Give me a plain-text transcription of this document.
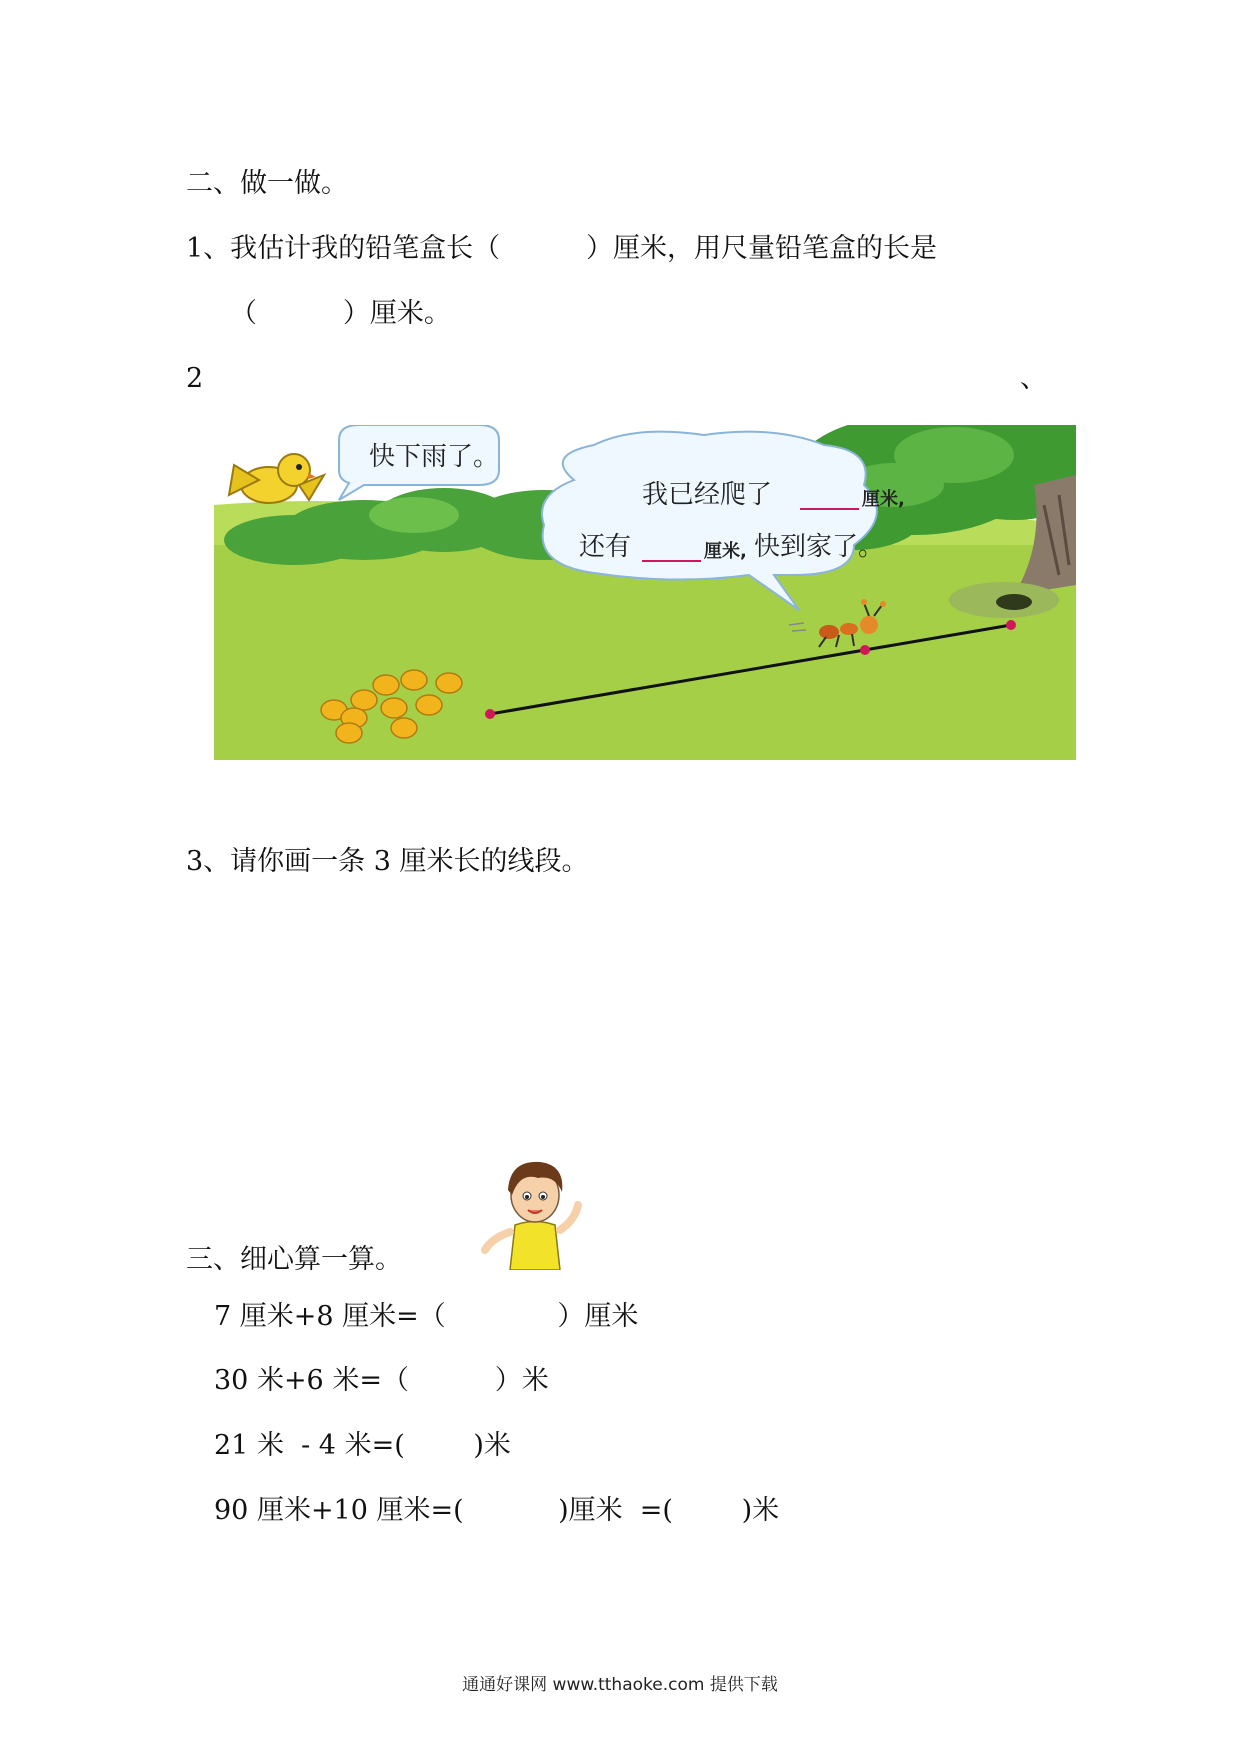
二、做一做。
1、我估计我的铅笔盒长（          ）厘米，用尺量铅笔盒的长是
（          ）厘米。
2	、
快下雨了。
我已经爬了	厘米,
还有	厘米, 快到家了。
3、请你画一条 3 厘米长的线段。
三、细心算一算。
7 厘米+8 厘米=（             ）厘米
30 米+6 米=（          ）米
21 米  - 4 米=(        )米
90 厘米+10 厘米=(           )厘米  =(        )米
通通好课网 www.tthaoke.com 提供下载
